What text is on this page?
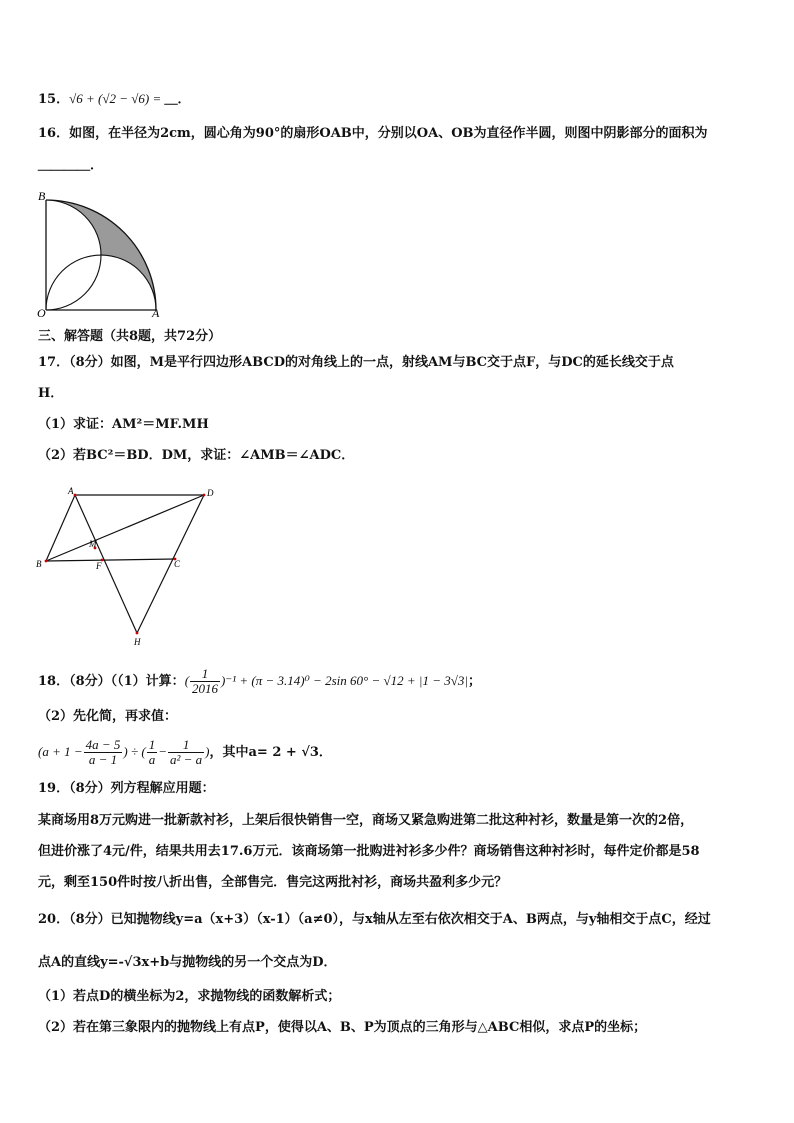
15．√6 + (√2 − √6) = ＿．
16．如图，在半径为2cm，圆心角为90°的扇形OAB中，分别以OA、OB为直径作半圆，则图中阴影部分的面积为
＿＿＿＿．
B
O	A
三、解答题（共8题，共72分）
17．（8分）如图，M是平行四边形ABCD的对角线上的一点，射线AM与BC交于点F，与DC的延长线交于点
H．
（1）求证：AM²＝MF.MH
（2）若BC²＝BD．DM，求证：∠AMB＝∠ADC．
A	D
M
B	F	C
H
18．（8分）（（1）计算：( $\frac{1}{2016} )^{-1} + (\pi - 3.14)^0 - 2\sin$ 60° − √12 + |1 − 3√3|；
（2）先化简，再求值：
($a + 1 - \frac{4a - 5}{a - 1}$ ) ÷ ( $\frac{1}{a} - \frac{1}{\text{a² − a}}$ )，其中a= 2 + √3．
19．（8分）列方程解应用题：
某商场用8万元购进一批新款衬衫，上架后很快销售一空，商场又紧急购进第二批这种衬衫，数量是第一次的2倍，
但进价涨了4元/件，结果共用去17.6万元．该商场第一批购进衬衫多少件？商场销售这种衬衫时，每件定价都是58
元，剩至150件时按八折出售，全部售完．售完这两批衬衫，商场共盈利多少元？
20．（8分）已知抛物线y=a（x+3）（x-1）（a≠0），与x轴从左至右依次相交于A、B两点，与y轴相交于点C，经过
点A的直线y=-√3x+b与抛物线的另一个交点为D．
（1）若点D的横坐标为2，求抛物线的函数解析式；
（2）若在第三象限内的抛物线上有点P，使得以A、B、P为顶点的三角形与△ABC相似，求点P的坐标；
